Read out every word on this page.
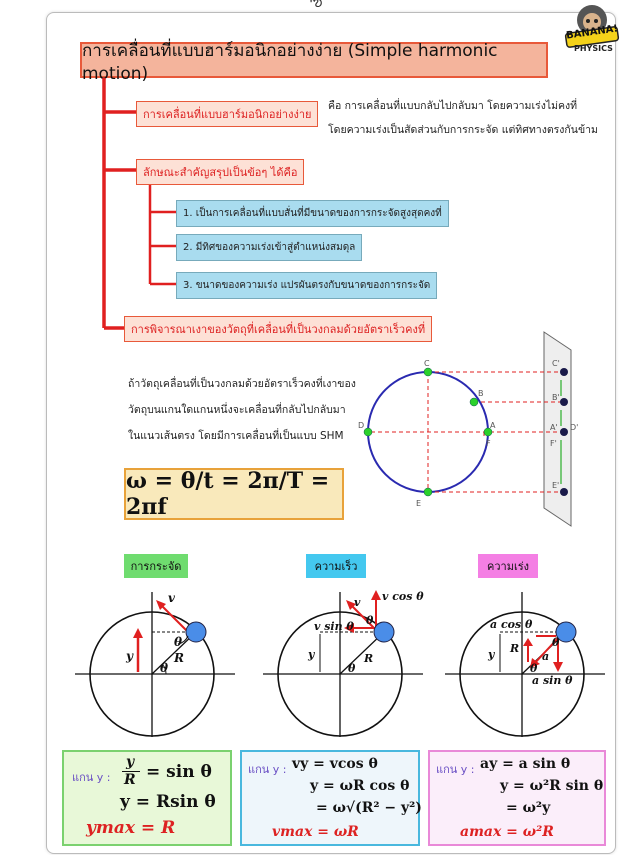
ఌ
BANANA!
PHYSICS
การเคลื่อนที่แบบฮาร์มอนิกอย่างง่าย (Simple harmonic motion)
การเคลื่อนที่แบบฮาร์มอนิกอย่างง่าย
คือ การเคลื่อนที่แบบกลับไปกลับมา โดยความเร่งไม่คงที่
โดยความเร่งเป็นสัดส่วนกับการกระจัด แต่ทิศทางตรงกันข้าม
ลักษณะสำคัญสรุปเป็นข้อๆ ได้คือ
1. เป็นการเคลื่อนที่แบบสั่นที่มีขนาดของการกระจัดสูงสุดคงที่
2. มีทิศของความเร่งเข้าสู่ตำแหน่งสมดุล
3. ขนาดของความเร่ง แปรผันตรงกับขนาดของการกระจัด
การพิจารณาเงาของวัตถุที่เคลื่อนที่เป็นวงกลมด้วยอัตราเร็วคงที่
ถ้าวัตถุเคลื่อนที่เป็นวงกลมด้วยอัตราเร็วคงที่เงาของ
วัตถุบนแกนใดแกนหนึ่งจะเคลื่อนที่กลับไปกลับมา
ในแนวเส้นตรง โดยมีการเคลื่อนที่เป็นแบบ SHM
ω = θ/t = 2π/T = 2πf
C
B
A
F
D
E
C'
B'
A' D'
F'
E'
การกระจัด	ความเร็ว	ความเร่ง
v
y	R
θ
θ
v cos θ
v sin θ
v
y	R
θ
θ
a cos θ
a sin θ
a
y R	θ
θ
แกน y :
y
R = sin θ
y = Rsin θ
ymax = R
แกน y : vy = vcos θ
y = ωR cos θ
= ω√(R² − y²)
vmax = ωR
แกน y : ay = a sin θ
y = ω²R sin θ
= ω²y
amax = ω²R
